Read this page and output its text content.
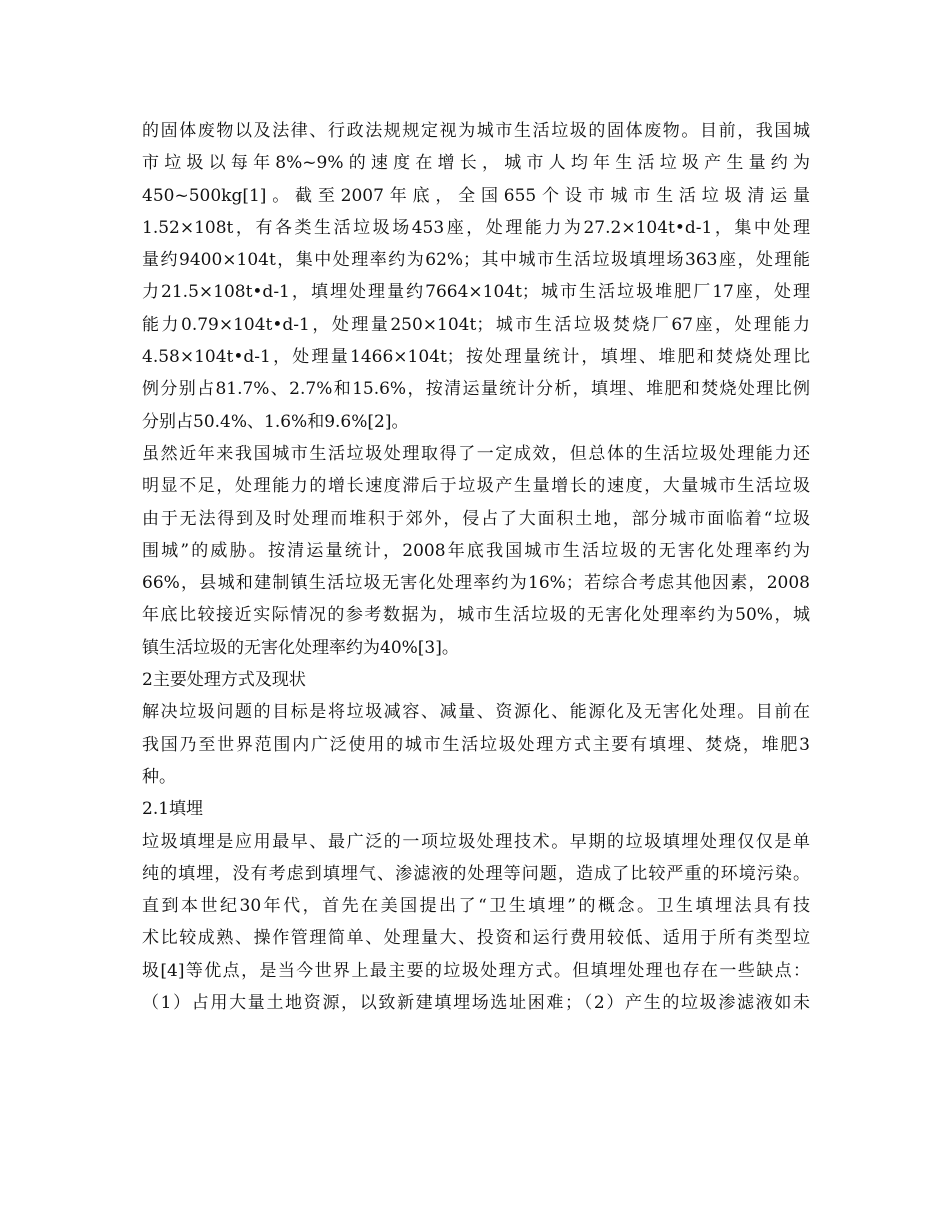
的固体废物以及法律、行政法规规定视为城市生活垃圾的固体废物。目前，我国城
市垃圾以每年8%~9%的速度在增长，城市人均年生活垃圾产生量约为
450~500kg[1]。截至2007年底，全国655个设市城市生活垃圾清运量
1.52×108t，有各类生活垃圾场453座，处理能力为27.2×104t•d-1，集中处理
量约9400×104t，集中处理率约为62%；其中城市生活垃圾填埋场363座，处理能
力21.5×108t•d-1，填埋处理量约7664×104t；城市生活垃圾堆肥厂17座，处理
能力0.79×104t•d-1，处理量250×104t；城市生活垃圾焚烧厂67座，处理能力
4.58×104t•d-1，处理量1466×104t；按处理量统计，填埋、堆肥和焚烧处理比
例分别占81.7%、2.7%和15.6%，按清运量统计分析，填埋、堆肥和焚烧处理比例
分别占50.4%、1.6%和9.6%[2]。
虽然近年来我国城市生活垃圾处理取得了一定成效，但总体的生活垃圾处理能力还
明显不足，处理能力的增长速度滞后于垃圾产生量增长的速度，大量城市生活垃圾
由于无法得到及时处理而堆积于郊外，侵占了大面积土地，部分城市面临着“垃圾
围城”的威胁。按清运量统计，2008年底我国城市生活垃圾的无害化处理率约为
66%，县城和建制镇生活垃圾无害化处理率约为16%；若综合考虑其他因素，2008
年底比较接近实际情况的参考数据为，城市生活垃圾的无害化处理率约为50%，城
镇生活垃圾的无害化处理率约为40%[3]。
2主要处理方式及现状
解决垃圾问题的目标是将垃圾减容、减量、资源化、能源化及无害化处理。目前在
我国乃至世界范围内广泛使用的城市生活垃圾处理方式主要有填埋、焚烧，堆肥3
种。
2.1填埋
垃圾填埋是应用最早、最广泛的一项垃圾处理技术。早期的垃圾填埋处理仅仅是单
纯的填埋，没有考虑到填埋气、渗滤液的处理等问题，造成了比较严重的环境污染。
直到本世纪30年代，首先在美国提出了“卫生填埋”的概念。卫生填埋法具有技
术比较成熟、操作管理简单、处理量大、投资和运行费用较低、适用于所有类型垃
圾[4]等优点，是当今世界上最主要的垃圾处理方式。但填埋处理也存在一些缺点：
（1）占用大量土地资源，以致新建填埋场选址困难；（2）产生的垃圾渗滤液如未
